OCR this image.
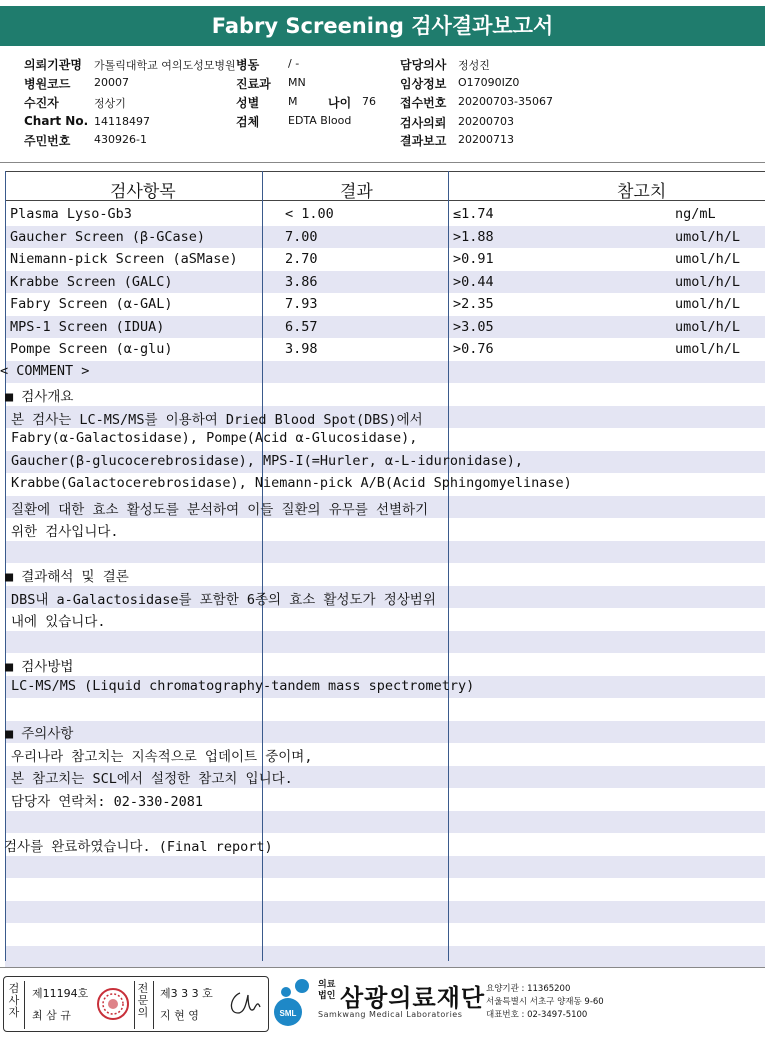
Fabry Screening 검사결과보고서
의뢰기관명 가톨릭대학교 여의도성모병원 병동	/ -	담당의사 정성진
병원코드 20007	진료과 MN	임상정보 O17090IZ0
수진자	정상기	성별	M	나이 76 접수번호 20200703-35067
Chart No. 14118497	검체	EDTA Blood	검사의뢰 20200703
주민번호 430926-1	결과보고 20200713
검사항목	결과	참고치
Plasma Lyso-Gb3	< 1.00	≤1.74	ng/mL
Gaucher Screen (β-GCase)	7.00	>1.88	umol/h/L
Niemann-pick Screen (aSMase)	2.70	>0.91	umol/h/L
Krabbe Screen (GALC)	3.86	>0.44	umol/h/L
Fabry Screen (α-GAL)	7.93	>2.35	umol/h/L
MPS-1 Screen (IDUA)	6.57	>3.05	umol/h/L
Pompe Screen (α-glu)	3.98	>0.76	umol/h/L
< COMMENT >
■ 검사개요
본 검사는 LC-MS/MS를 이용하여 Dried Blood Spot(DBS)에서
Fabry(α-Galactosidase), Pompe(Acid α-Glucosidase),
Gaucher(β-glucocerebrosidase), MPS-I(=Hurler, α-L-iduronidase),
Krabbe(Galactocerebrosidase), Niemann-pick A/B(Acid Sphingomyelinase)
질환에 대한 효소 활성도를 분석하여 이들 질환의 유무를 선별하기
위한 검사입니다.
■ 결과해석 및 결론
DBS내 a-Galactosidase를 포함한 6종의 효소 활성도가 정상범위
내에 있습니다.
■ 검사방법
LC-MS/MS (Liquid chromatography-tandem mass spectrometry)
■ 주의사항
우리나라 참고치는 지속적으로 업데이트 중이며,
본 참고치는 SCL에서 설정한 참고치 입니다.
담당자 연락처: 02-330-2081
검사를 완료하였습니다. (Final report)
검사자
제11194호
최 삼 규
전문의
제3 3 3 호
지 현 영	SML
의료법인 삼광의료재단
Samkwang Medical Laboratories
요양기관 : 11365200
서울특별시 서초구 양재동 9-60
대표번호 : 02-3497-5100
